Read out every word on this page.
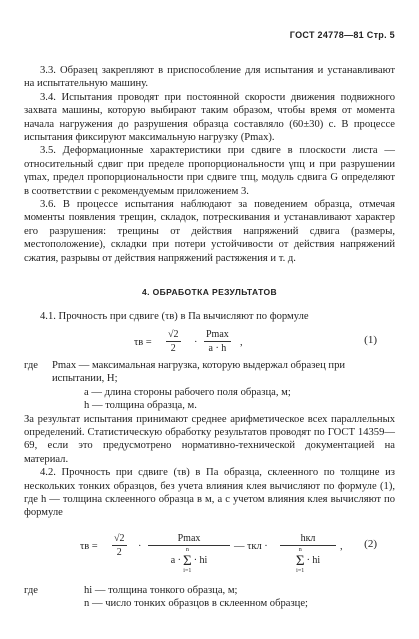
ГОСТ 24778—81 Стр. 5

3.3. Образец закрепляют в приспособление для испытания и устанавливают на испытательную машину.

3.4. Испытания проводят при постоянной скорости движения подвижного захвата машины, которую выбирают таким образом, чтобы время от момента начала нагружения до разрушения образца составляло (60±30) с. В процессе испытания фиксируют максимальную нагрузку (Pmax).

3.5. Деформационные характеристики при сдвиге в плоскости листа — относительный сдвиг при пределе пропорциональности γпц и при разрушении γmax, предел пропорциональности при сдвиге τпц, модуль сдвига G определяют в соответствии с рекомендуемым приложением 3.

3.6. В процессе испытания наблюдают за поведением образца, отмечая моменты появления трещин, складок, потрескивания и устанавливают характер его разрушения: трещины от действия напряжений сдвига (размеры, местоположение), складки при потери устойчивости от действия напряжений сжатия, разрывы от действия напряжений растяжения и т. д.

4. ОБРАБОТКА РЕЗУЛЬТАТОВ

4.1. Прочность при сдвиге (τв) в Па вычисляют по формуле

$\tau в = \frac{√2}{2}$ ·
Pmax
a · h
,	(1)
где	Pmax — максимальная нагрузка, которую выдержал образец при испытании, Н;
a — длина стороны рабочего поля образца, м;
h — толщина образца, м.

За результат испытания принимают среднее арифметическое всех параллельных определений. Статистическую обработку результатов проводят по ГОСТ 14359—69, если это предусмотрено нормативно-технической документацией на материал.

4.2. Прочность при сдвиге (τв) в Па образца, склеенного по толщине из нескольких тонких образцов, без учета влияния клея вычисляют по формуле (1), где h — толщина склеенного образца в м, а с учетом влияния клея вычисляют по формуле

$\tau в = \frac{√2}{2}$ ·
Pmax
a ·
n
Σ
i=1
· hi
— τкл ·
hкл
n
Σ
i=1
· hi
, (2)
где	hi — толщина тонкого образца, м;
n — число тонких образцов в склеенном образце;
